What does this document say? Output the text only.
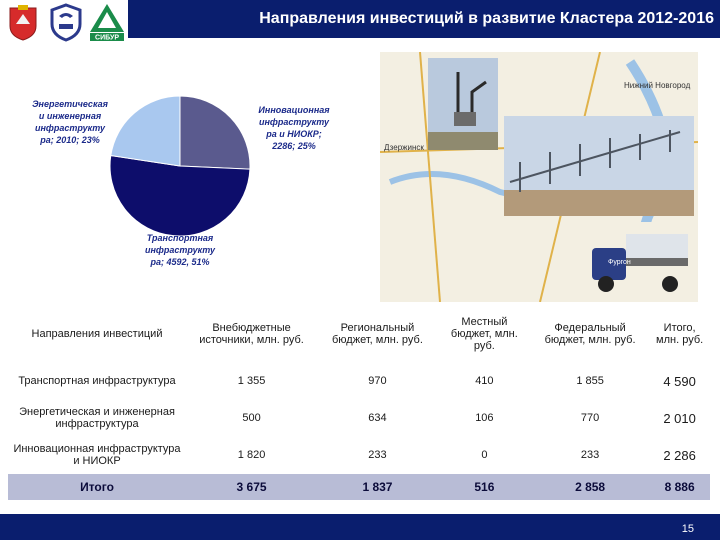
СИБУР
Направления инвестиций в развитие Кластера 2012-2016
Энергетическая
и инженерная
инфраструкту
ра; 2010; 23%
Инновационная
инфраструкту
ра и НИОКР;
2286; 25%
Транспортная
инфраструкту
ра; 4592, 51%
Нижний Новгород
Дзержинск
Фургон
Направления инвестиций	Внебюджетные источники, млн. руб.	Региональный бюджет, млн. руб.	Местный бюджет, млн. руб.	Федеральный бюджет, млн. руб.	Итого, млн. руб.
Транспортная инфраструктура	1 355	970	410	1 855	4 590
Энергетическая и инженерная инфраструктура	500	634	106	770	2 010
Инновационная инфраструктура и НИОКР	1 820	233	0	233	2 286
Итого	3 675	1 837	516	2 858	8 886
15
